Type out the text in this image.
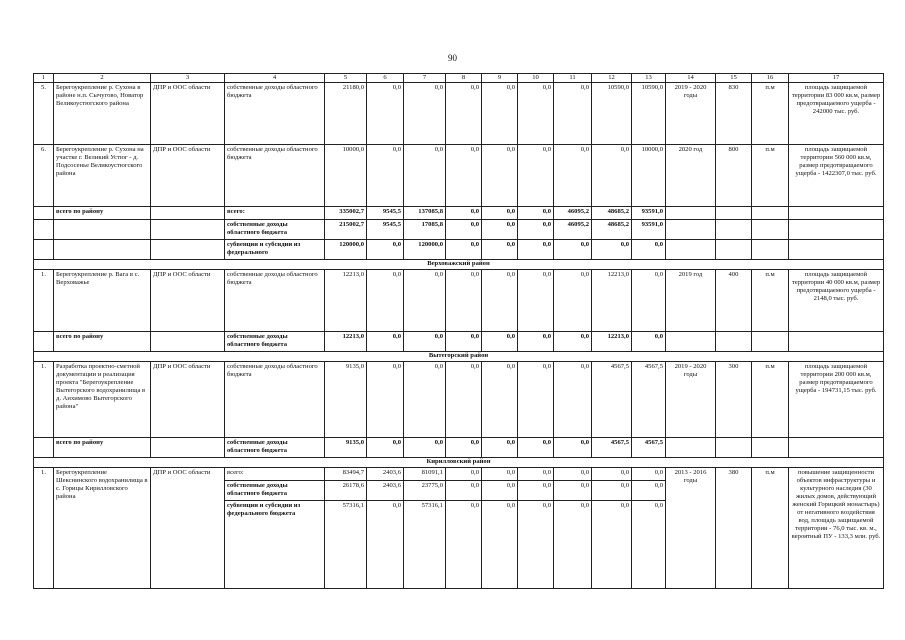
90
1	2	3	4	5	6	7	8	9	10	11	12	13	14	15	16	17
5.	Берегоукрепление р. Сухона в районе н.п. Сычугово, Новатор Великоустюгского района	ДПР и ООС области	собственные доходы областного бюджета	21180,0	0,0	0,0	0,0	0,0	0,0	0,0	10590,0	10590,0	2019 - 2020 годы	830	п.м	площадь защищаемой территории 83 000 кв.м, размер предотвращаемого ущерба - 242000 тыс. руб.
6.	Берегоукрепление р. Сухона на участке г. Великий Устюг - д. Подсосенье Великоустюгского района	ДПР и ООС области	собственные доходы областного бюджета	10000,0	0,0	0,0	0,0	0,0	0,0	0,0	0,0	10000,0	2020 год	800	п.м	площадь защищаемой территории 560 000 кв.м, размер предотвращаемого ущерба - 1422307,0 тыс. руб.
	всего по району		всего:	335002,7	9545,5	137085,8	0,0	0,0	0,0	46095,2	48685,2	93591,0				
			собственные доходы областного бюджета	215002,7	9545,5	17085,8	0,0	0,0	0,0	46095,2	48685,2	93591,0				
			субвенции и субсидии из федерального	120000,0	0,0	120000,0	0,0	0,0	0,0	0,0	0,0	0,0				
Верховажский район																
1.	Берегоукрепление р. Вага в с. Верховажье	ДПР и ООС области	собственные доходы областного бюджета	12213,0	0,0	0,0	0,0	0,0	0,0	0,0	12213,0	0,0	2019 год	400	п.м	площадь защищаемой территории 40 000 кв.м, размер предотвращаемого ущерба - 2148,0 тыс. руб.
	всего по району		собственные доходы областного бюджета	12213,0	0,0	0,0	0,0	0,0	0,0	0,0	12213,0	0,0				
Вытегорский район																
1.	Разработка проектно-сметной документации и реализация проекта "Берегоукрепление Вытегорского водохранилища в д. Анхимово Вытегорского района"	ДПР и ООС области	собственные доходы областного бюджета	9135,0	0,0	0,0	0,0	0,0	0,0	0,0	4567,5	4567,5	2019 - 2020 годы	300	п.м	площадь защищаемой территории 200 000 кв.м, размер предотвращаемого ущерба - 194731,15 тыс. руб.
	всего по району		собственные доходы областного бюджета	9135,0	0,0	0,0	0,0	0,0	0,0	0,0	4567,5	4567,5				
Кирилловский район																
1.	Берегоукрепление Шекснинского водохранилища в с. Горицы Кирилловского района	ДПР и ООС области	всего:	83494,7	2403,6	81091,1	0,0	0,0	0,0	0,0	0,0	0,0	2013 - 2016 годы	380	п.м	повышение защищенности объектов инфраструктуры и культурного наследия (30 жилых домов, действующий женский Горицкий монастырь) от негативного воздействия вод, площадь защищаемой территории - 76,0 тыс. кв. м., вероятный ПУ - 133,3 млн. руб.
			собственные доходы областного бюджета	26178,6	2403,6	23775,0	0,0	0,0	0,0	0,0	0,0	0,0				
			субвенции и субсидии из федерального бюджета	57316,1	0,0	57316,1	0,0	0,0	0,0	0,0	0,0	0,0				
